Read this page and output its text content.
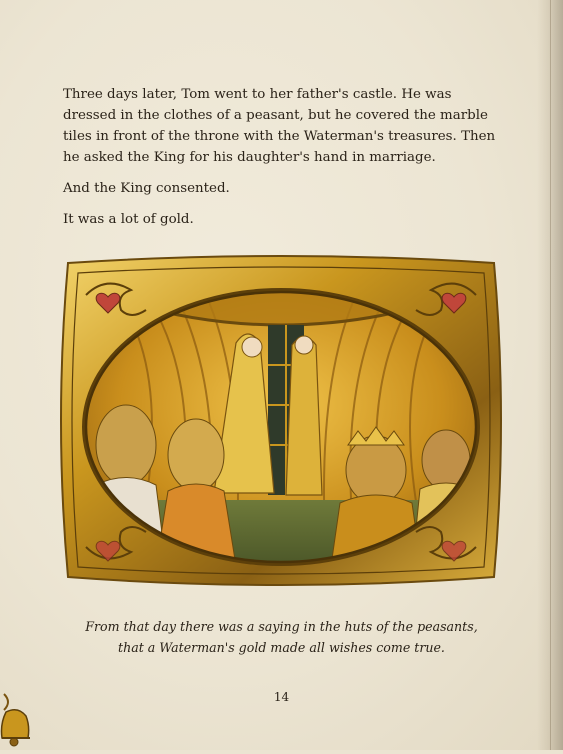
Three days later, Tom went to her father's castle. He was dressed in the clothes of a peasant, but he covered the marble tiles in front of the throne with the Waterman's treasures. Then he asked the King for his daughter's hand in marriage.

And the King consented.

It was a lot of gold.

From that day there was a saying in the huts of the peasants,
that a Waterman's gold made all wishes come true.
14
